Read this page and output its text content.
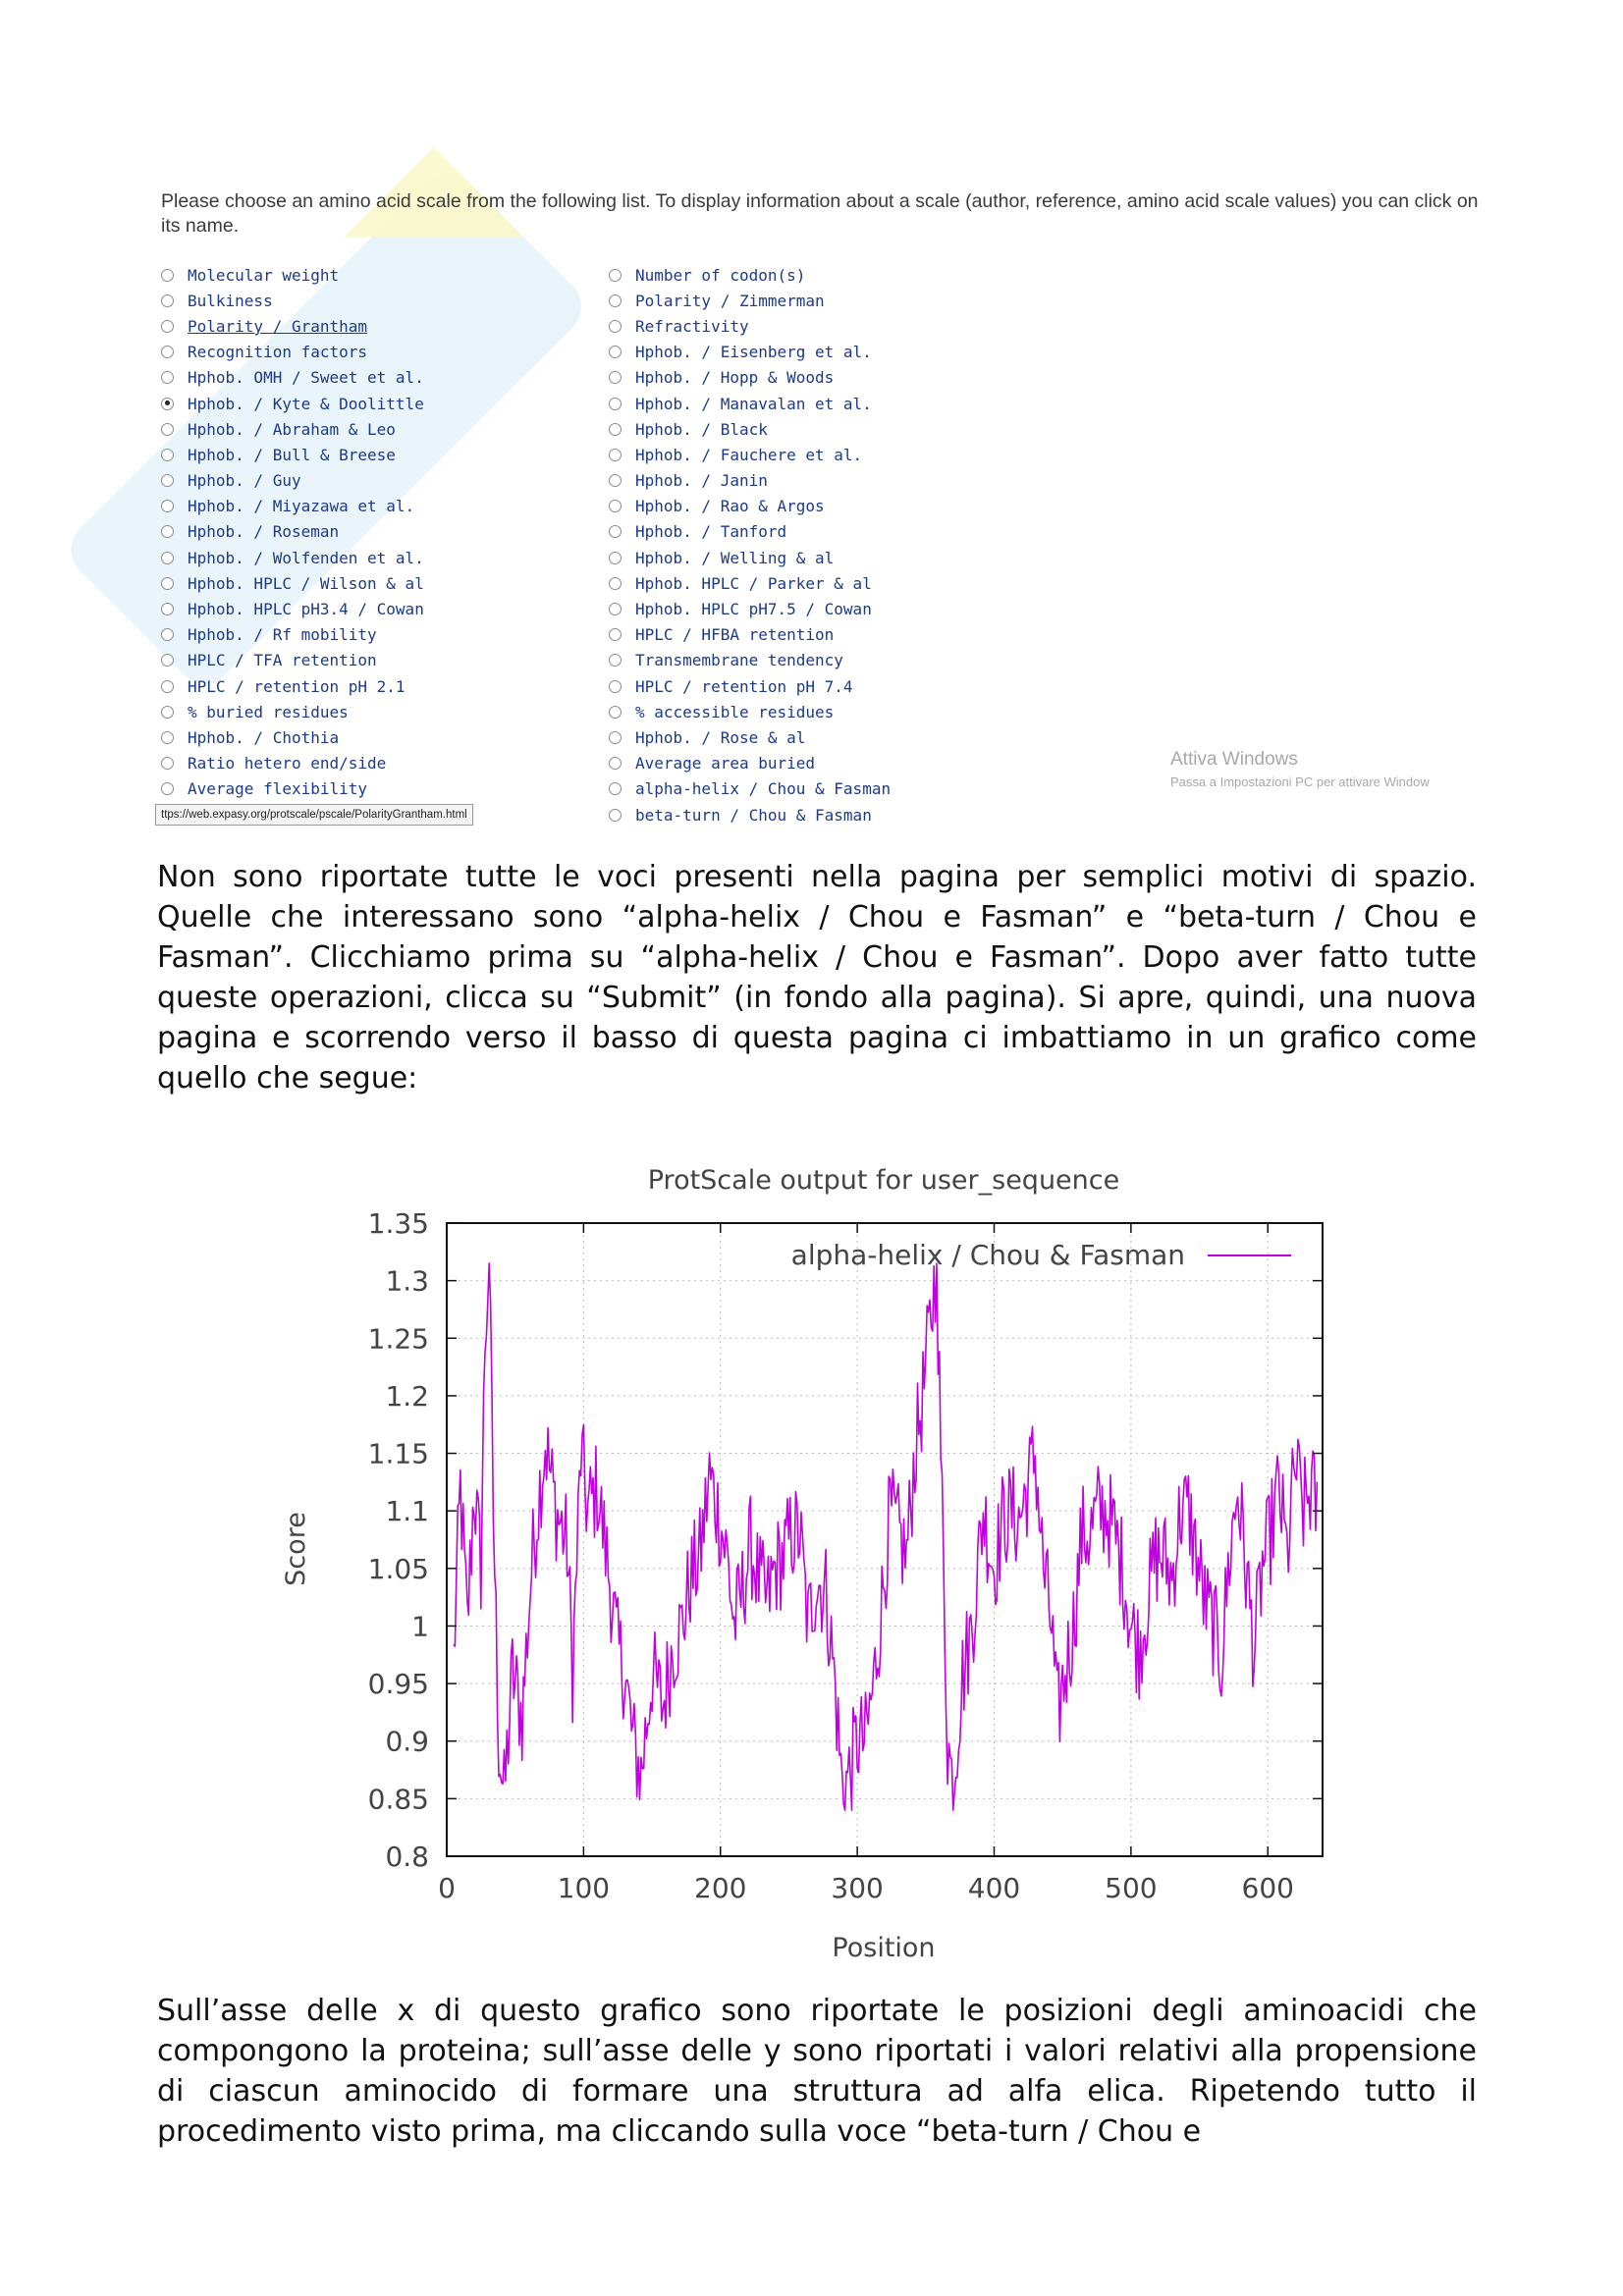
Please choose an amino acid scale from the following list. To display information about a scale (author, reference, amino acid scale values) you can click on its name.
Molecular weight
Bulkiness
Polarity / Grantham
Recognition factors
Hphob. OMH / Sweet et al.
Hphob. / Kyte & Doolittle
Hphob. / Abraham & Leo
Hphob. / Bull & Breese
Hphob. / Guy
Hphob. / Miyazawa et al.
Hphob. / Roseman
Hphob. / Wolfenden et al.
Hphob. HPLC / Wilson & al
Hphob. HPLC pH3.4 / Cowan
Hphob. / Rf mobility
HPLC / TFA retention
HPLC / retention pH 2.1
% buried residues
Hphob. / Chothia
Ratio hetero end/side
Average flexibility
Number of codon(s)
Polarity / Zimmerman
Refractivity
Hphob. / Eisenberg et al.
Hphob. / Hopp & Woods
Hphob. / Manavalan et al.
Hphob. / Black
Hphob. / Fauchere et al.
Hphob. / Janin
Hphob. / Rao & Argos
Hphob. / Tanford
Hphob. / Welling & al
Hphob. HPLC / Parker & al
Hphob. HPLC pH7.5 / Cowan
HPLC / HFBA retention
Transmembrane tendency
HPLC / retention pH 7.4
% accessible residues
Hphob. / Rose & al
Average area buried
alpha-helix / Chou & Fasman
beta-turn / Chou & Fasman
ttps://web.expasy.org/protscale/pscale/PolarityGrantham.html
Attiva Windows
Passa a Impostazioni PC per attivare Window

Non sono riportate tutte le voci presenti nella pagina per semplici motivi di spazio. Quelle che interessano sono “alpha-helix / Chou e Fasman” e “beta-turn / Chou e Fasman”. Clicchiamo prima su “alpha-helix / Chou e Fasman”. Dopo aver fatto tutte queste operazioni, clicca su “Submit” (in fondo alla pagina). Si apre, quindi, una nuova pagina e scorrendo verso il basso di questa pagina ci imbattiamo in un grafico come quello che segue:

0.8
0.85
0.9
0.95
1
1.05
1.1
1.15
1.2
1.25
1.3
1.35
0	100	200	300	400	500	600
ProtScale output for user_sequence
Position
Score
alpha-helix / Chou & Fasman

Sull’asse delle x di questo grafico sono riportate le posizioni degli aminoacidi che compongono la proteina; sull’asse delle y sono riportati i valori relativi alla propensione di ciascun aminocido di formare una struttura ad alfa elica. Ripetendo tutto il procedimento visto prima, ma cliccando sulla voce “beta-turn / Chou e
